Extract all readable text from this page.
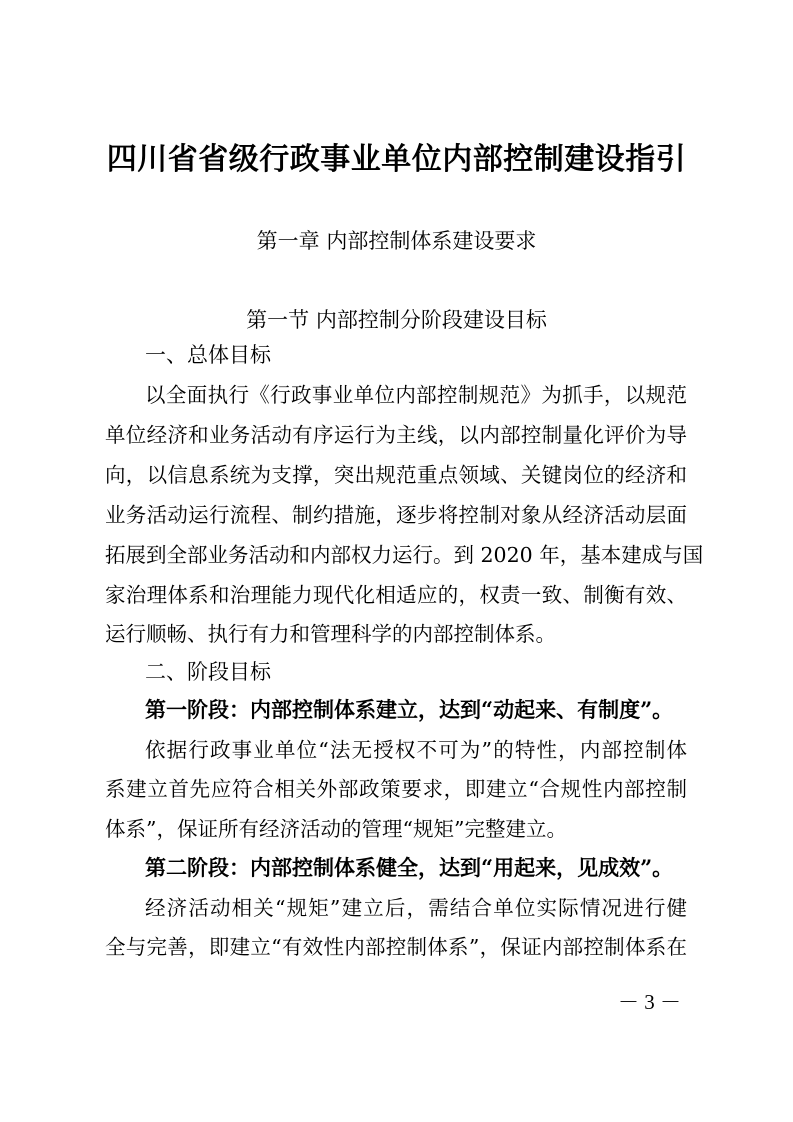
四川省省级行政事业单位内部控制建设指引
第一章 内部控制体系建设要求
第一节 内部控制分阶段建设目标
一、总体目标
以全面执行《行政事业单位内部控制规范》为抓手，以规范
单位经济和业务活动有序运行为主线，以内部控制量化评价为导
向，以信息系统为支撑，突出规范重点领域、关键岗位的经济和
业务活动运行流程、制约措施，逐步将控制对象从经济活动层面
拓展到全部业务活动和内部权力运行。到 2020 年，基本建成与国
家治理体系和治理能力现代化相适应的，权责一致、制衡有效、
运行顺畅、执行有力和管理科学的内部控制体系。
二、阶段目标
第一阶段：内部控制体系建立，达到“动起来、有制度”。
依据行政事业单位“法无授权不可为”的特性，内部控制体
系建立首先应符合相关外部政策要求，即建立“合规性内部控制
体系”，保证所有经济活动的管理“规矩”完整建立。
第二阶段：内部控制体系健全，达到“用起来，见成效”。
经济活动相关“规矩”建立后，需结合单位实际情况进行健
全与完善，即建立“有效性内部控制体系”，保证内部控制体系在
－ 3 －
